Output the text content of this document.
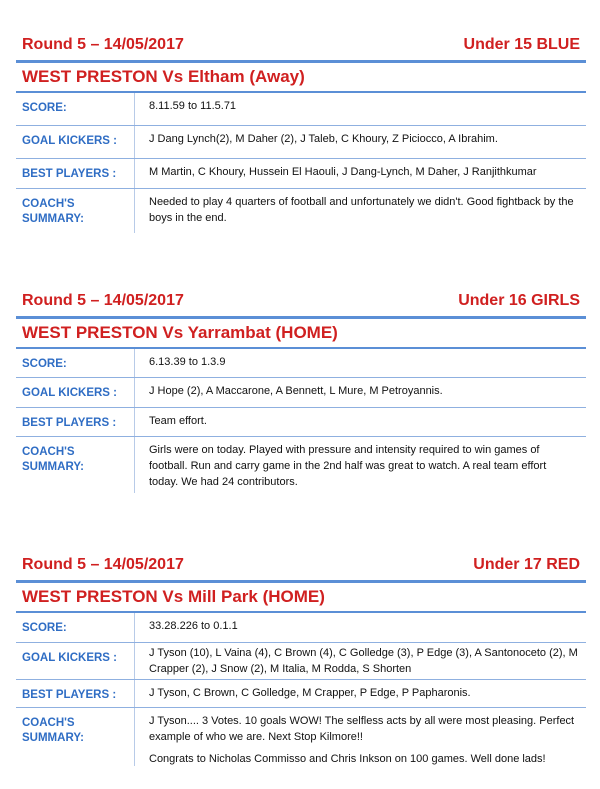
Round 5 – 14/05/2017	Under 15 BLUE
WEST PRESTON Vs Eltham (Away)
SCORE:	8.11.59 to 11.5.71
GOAL KICKERS :	J Dang Lynch(2), M Daher (2), J Taleb, C Khoury, Z Piciocco, A Ibrahim.
BEST PLAYERS :	M Martin, C Khoury, Hussein El Haouli, J Dang-Lynch, M Daher, J Ranjithkumar
COACH'S
SUMMARY:

Needed to play 4 quarters of football and unfortunately we didn't. Good fightback by the boys in the end.

Round 5 – 14/05/2017	Under 16 GIRLS
WEST PRESTON Vs Yarrambat (HOME)
SCORE:	6.13.39 to 1.3.9
GOAL KICKERS :	J Hope (2), A Maccarone, A Bennett, L Mure, M Petroyannis.
BEST PLAYERS :	Team effort.
COACH'S
SUMMARY:

Girls were on today. Played with pressure and intensity required to win games of football. Run and carry game in the 2nd half was great to watch. A real team effort today. We had 24 contributors.

Round 5 – 14/05/2017	Under 17 RED
WEST PRESTON Vs Mill Park (HOME)
SCORE:	33.28.226 to 0.1.1
GOAL KICKERS :	J Tyson (10), L Vaina (4), C Brown (4), C Golledge (3), P Edge (3), A Santonoceto (2), M Crapper (2), J Snow (2), M Italia, M Rodda, S Shorten
BEST PLAYERS :	J Tyson, C Brown, C Golledge, M Crapper, P Edge, P Papharonis.
COACH'S
SUMMARY:

J Tyson.... 3 Votes. 10 goals WOW! The selfless acts by all were most pleasing. Perfect example of who we are. Next Stop Kilmore!!

Congrats to Nicholas Commisso and Chris Inkson on 100 games. Well done lads!
